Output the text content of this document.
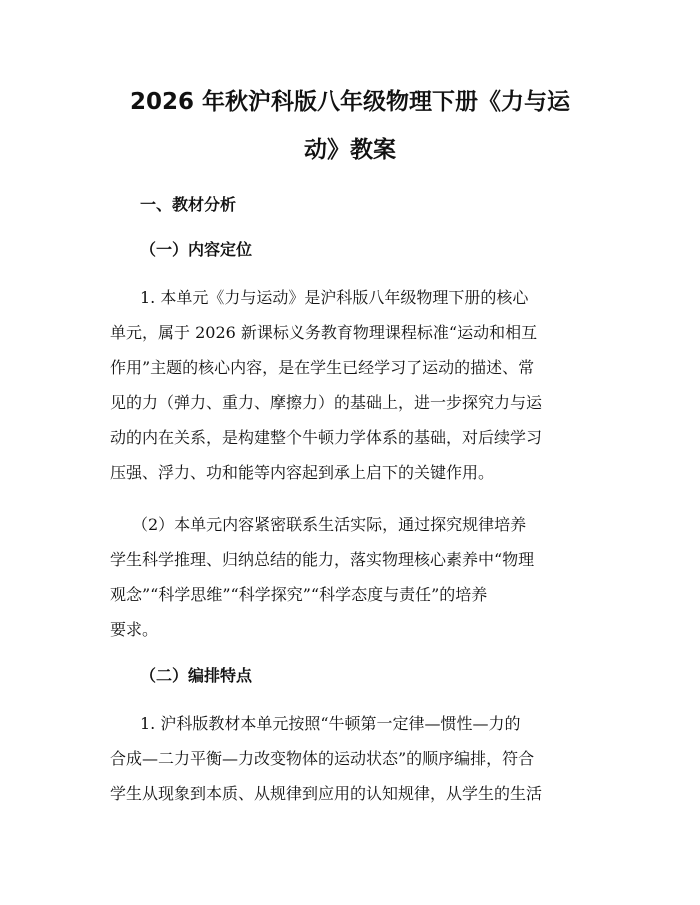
2026 年秋沪科版八年级物理下册《力与运
动》教案
一、教材分析
（一）内容定位

1. 本单元《力与运动》是沪科版八年级物理下册的核心

单元，属于 2026 新课标义务教育物理课程标准“运动和相互

作用”主题的核心内容，是在学生已经学习了运动的描述、常

见的力（弹力、重力、摩擦力）的基础上，进一步探究力与运

动的内在关系，是构建整个牛顿力学体系的基础，对后续学习

压强、浮力、功和能等内容起到承上启下的关键作用。

（2）本单元内容紧密联系生活实际，通过探究规律培养

学生科学推理、归纳总结的能力，落实物理核心素养中“物理

观念”“科学思维”“科学探究”“科学态度与责任”的培养

要求。

（二）编排特点

1. 沪科版教材本单元按照“牛顿第一定律—惯性—力的

合成—二力平衡—力改变物体的运动状态”的顺序编排，符合

学生从现象到本质、从规律到应用的认知规律，从学生的生活
